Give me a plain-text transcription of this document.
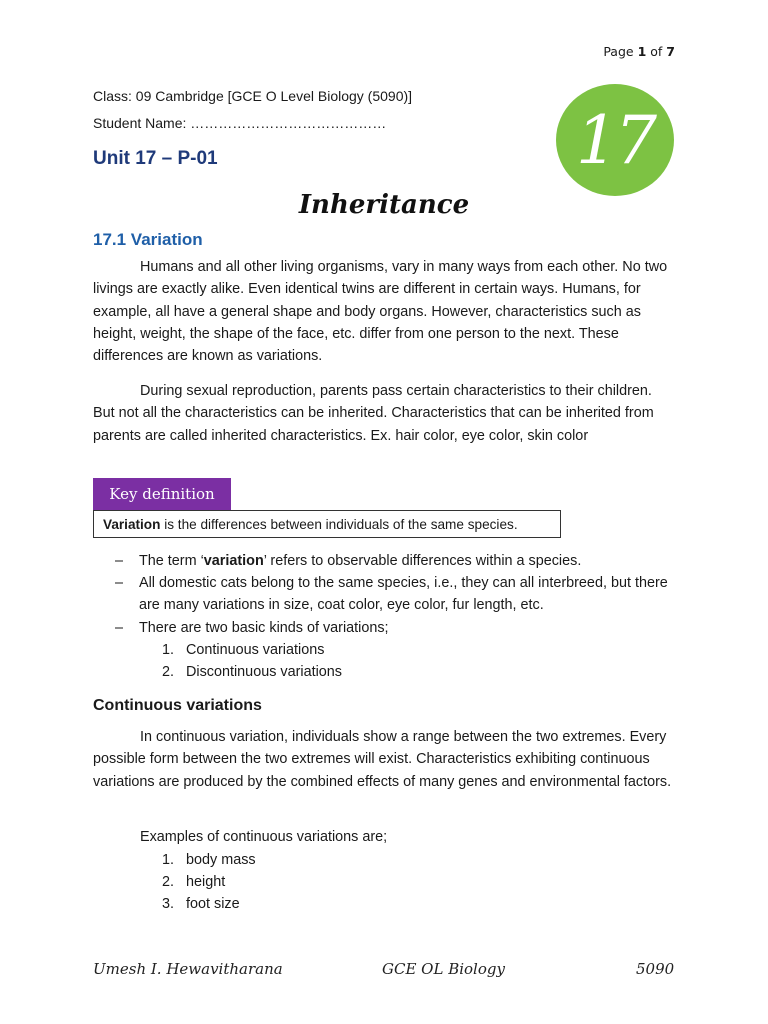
Page 1 of 7
Class: 09 Cambridge [GCE O Level Biology (5090)]
Student Name: ……………………………………
Unit 17 – P-01	17
Inheritance
17.1 Variation
Humans and all other living organisms, vary in many ways from each other. No two livings are exactly alike. Even identical twins are different in certain ways. Humans, for example, all have a general shape and body organs. However, characteristics such as height, weight, the shape of the face, etc. differ from one person to the next. These differences are known as variations.
During sexual reproduction, parents pass certain characteristics to their children. But not all the characteristics can be inherited. Characteristics that can be inherited from parents are called inherited characteristics. Ex. hair color, eye color, skin color
Key definition
Variation is the differences between individuals of the same species.
– The term ‘variation’ refers to observable differences within a species.
– All domestic cats belong to the same species, i.e., they can all interbreed, but there are many variations in size, coat color, eye color, fur length, etc.
– There are two basic kinds of variations;
1. Continuous variations
2. Discontinuous variations
Continuous variations
In continuous variation, individuals show a range between the two extremes. Every possible form between the two extremes will exist. Characteristics exhibiting continuous variations are produced by the combined effects of many genes and environmental factors.
Examples of continuous variations are;
1. body mass
2. height
3. foot size
Umesh I. Hewavitharana	GCE OL Biology	5090
